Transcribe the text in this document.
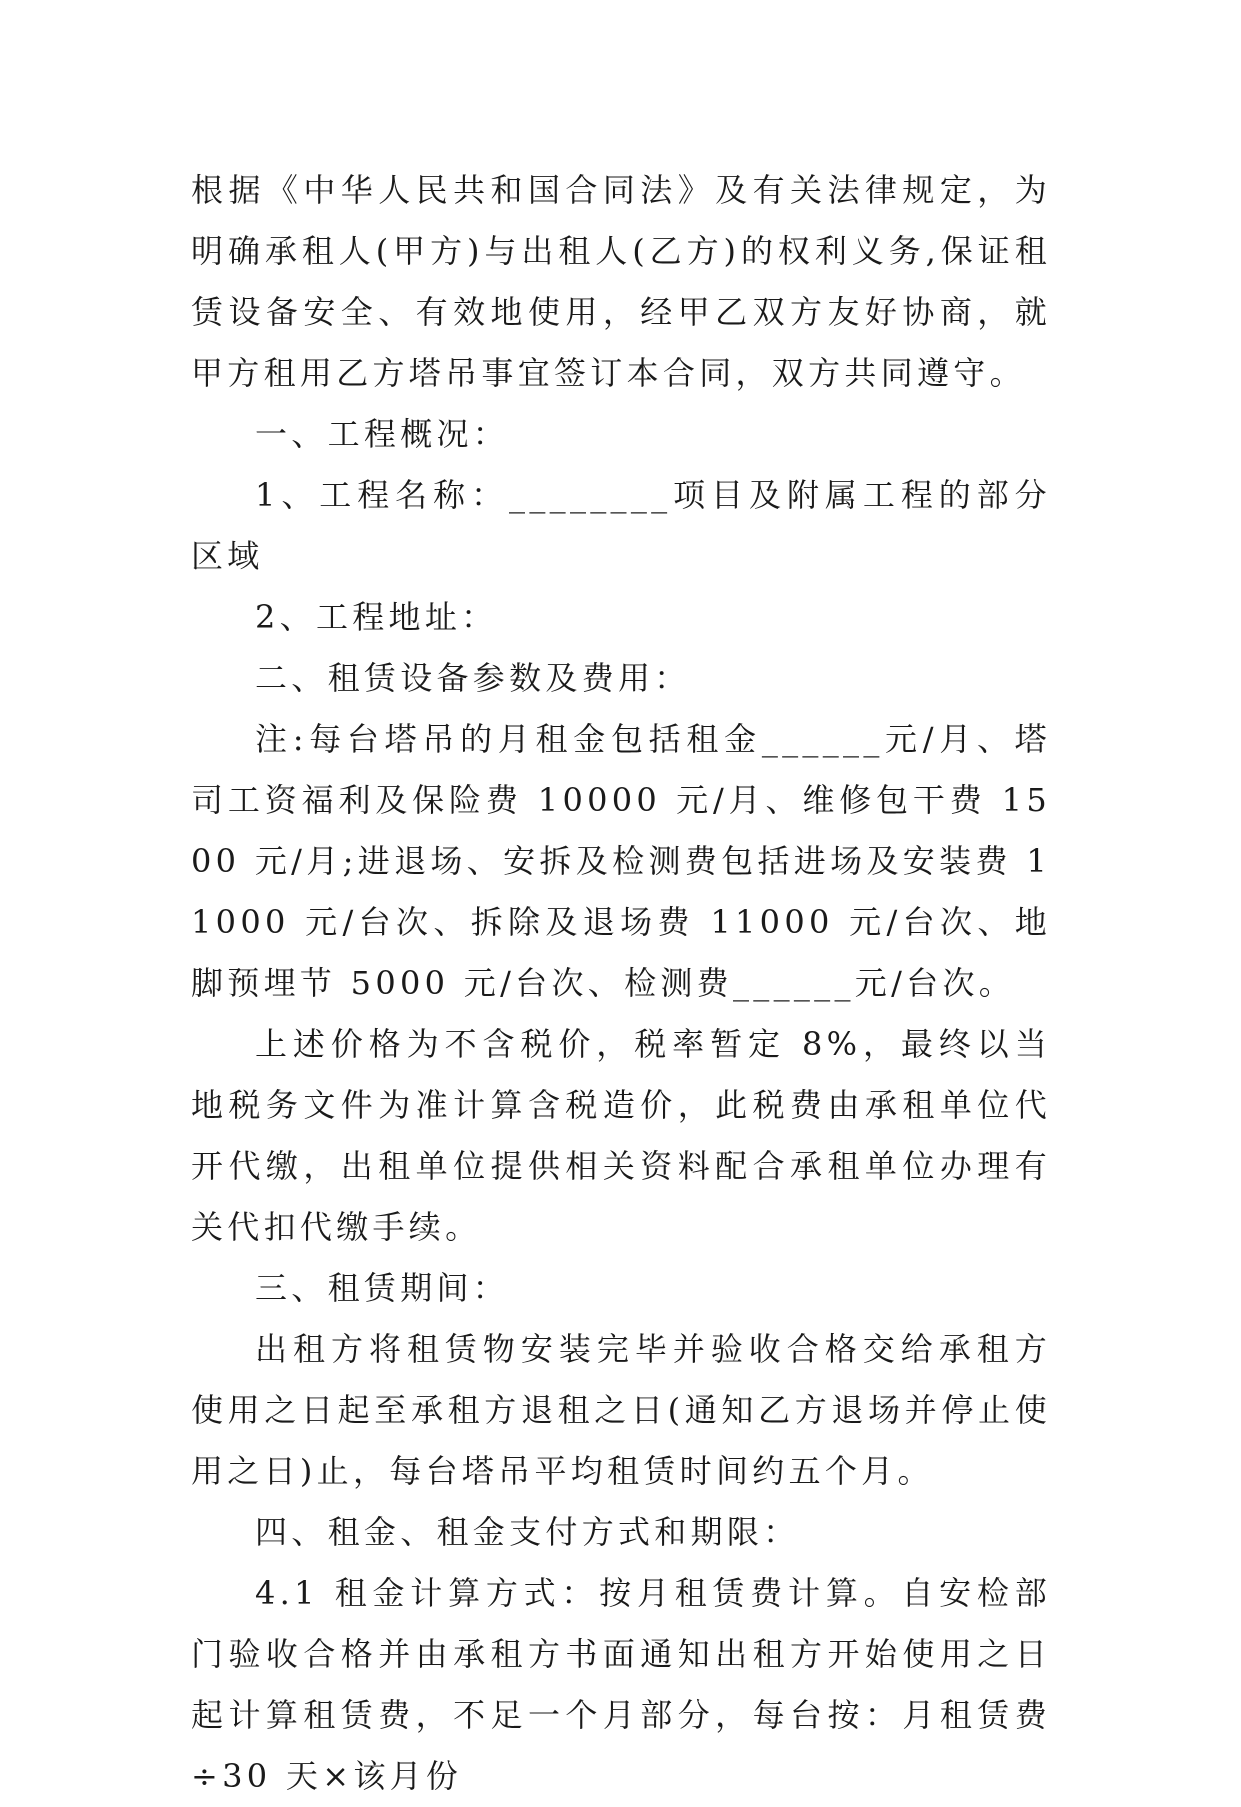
根据《中华人民共和国合同法》及有关法律规定，为明确承租人(甲方)与出租人(乙方)的权利义务,保证租赁设备安全、有效地使用，经甲乙双方友好协商，就甲方租用乙方塔吊事宜签订本合同，双方共同遵守。

一、工程概况：

1、工程名称：________项目及附属工程的部分区域

2、工程地址：

二、租赁设备参数及费用：

注:每台塔吊的月租金包括租金______元/月、塔司工资福利及保险费 10000 元/月、维修包干费 1500 元/月;进退场、安拆及检测费包括进场及安装费 11000 元/台次、拆除及退场费 11000 元/台次、地脚预埋节 5000 元/台次、检测费______元/台次。

上述价格为不含税价，税率暂定 8%，最终以当地税务文件为准计算含税造价，此税费由承租单位代开代缴，出租单位提供相关资料配合承租单位办理有关代扣代缴手续。

三、租赁期间：

出租方将租赁物安装完毕并验收合格交给承租方使用之日起至承租方退租之日(通知乙方退场并停止使用之日)止，每台塔吊平均租赁时间约五个月。

四、租金、租金支付方式和期限：

4.1 租金计算方式：按月租赁费计算。自安检部门验收合格并由承租方书面通知出租方开始使用之日起计算租赁费，不足一个月部分，每台按：月租赁费÷30 天×该月份
